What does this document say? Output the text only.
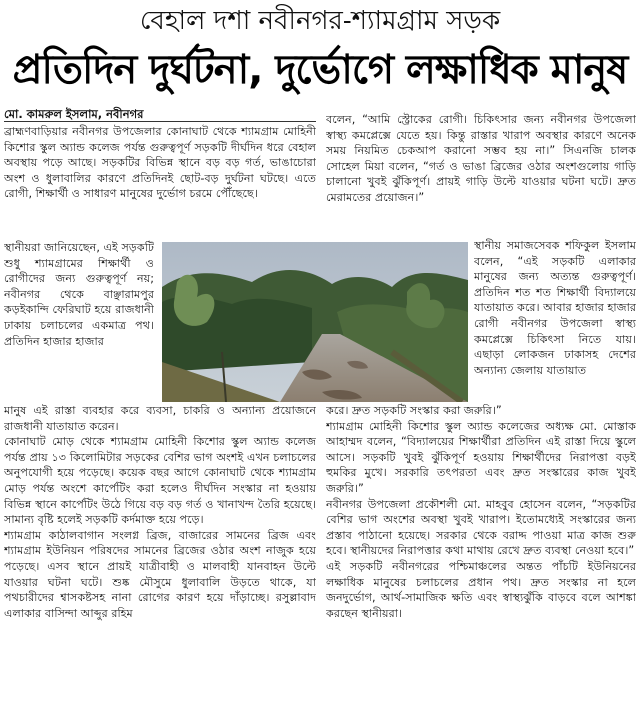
বেহাল দশা নবীনগর-শ্যামগ্রাম সড়ক
প্রতিদিন দুর্ঘটনা, দুর্ভোগে লক্ষাধিক মানুষ
মো. কামরুল ইসলাম, নবীনগর

ব্রাহ্মণবাড়িয়ার নবীনগর উপজেলার কোনাঘাট থেকে শ্যামগ্রাম মোহিনী কিশোর স্কুল অ্যান্ড কলেজ পর্যন্ত গুরুত্বপূর্ণ সড়কটি দীর্ঘদিন ধরে বেহাল অবস্থায় পড়ে আছে। সড়কটির বিভিন্ন স্থানে বড় বড় গর্ত, ভাঙাচোরা অংশ ও ধুলাবালির কারণে প্রতিদিনই ছোট-বড় দুর্ঘটনা ঘটছে। এতে রোগী, শিক্ষার্থী ও সাধারণ মানুষের দুর্ভোগ চরমে পৌঁছেছে।

স্থানীয়রা জানিয়েছেন, এই সড়কটি শুধু শ্যামগ্রামের শিক্ষার্থী ও রোগীদের জন্য গুরুত্বপূর্ণ নয়; নবীনগর থেকে বাঞ্ছারামপুর কড়ইকান্দি ফেরিঘাট হয়ে রাজধানী ঢাকায় চলাচলের একমাত্র পথ। প্রতিদিন হাজার হাজার

মানুষ এই রাস্তা ব্যবহার করে ব্যবসা, চাকরি ও অন্যান্য প্রয়োজনে রাজধানী যাতায়াত করেন।

কোনাঘাট মোড় থেকে শ্যামগ্রাম মোহিনী কিশোর স্কুল অ্যান্ড কলেজ পর্যন্ত প্রায় ১৩ কিলোমিটার সড়কের বেশির ভাগ অংশই এখন চলাচলের অনুপযোগী হয়ে পড়েছে। কয়েক বছর আগে কোনাঘাট থেকে শ্যামগ্রাম মোড় পর্যন্ত অংশে কার্পেটিং করা হলেও দীর্ঘদিন সংস্কার না হওয়ায় বিভিন্ন স্থানে কার্পেটিং উঠে গিয়ে বড় বড় গর্ত ও খানাখন্দ তৈরি হয়েছে। সামান্য বৃষ্টি হলেই সড়কটি কর্দমাক্ত হয়ে পড়ে।

শ্যামগ্রাম কাঠালবাগান সংলগ্ন ব্রিজ, বাজারের সামনের ব্রিজ এবং শ্যামগ্রাম ইউনিয়ন পরিষদের সামনের ব্রিজের ওঠার অংশ নাজুক হয়ে পড়েছে। এসব স্থানে প্রায়ই যাত্রীবাহী ও মালবাহী যানবাহন উল্টে যাওয়ার ঘটনা ঘটে। শুষ্ক মৌসুমে ধুলাবালি উড়তে থাকে, যা পথচারীদের শ্বাসকষ্টসহ নানা রোগের কারণ হয়ে দাঁড়াচ্ছে। রসুল্লাবাদ এলাকার বাসিন্দা আব্দুর রহিম

বলেন, “আমি স্ট্রোকের রোগী। চিকিৎসার জন্য নবীনগর উপজেলা স্বাস্থ্য কমপ্লেক্সে যেতে হয়। কিন্তু রাস্তার খারাপ অবস্থার কারণে অনেক সময় নিয়মিত চেকআপ করানো সম্ভব হয় না।” সিএনজি চালক সোহেল মিয়া বলেন, “গর্ত ও ভাঙা ব্রিজের ওঠার অংশগুলোয় গাড়ি চালানো খুবই ঝুঁকিপূর্ণ। প্রায়ই গাড়ি উল্টে যাওয়ার ঘটনা ঘটে। দ্রুত মেরামতের প্রয়োজন।”

স্থানীয় সমাজসেবক শফিকুল ইসলাম বলেন, “এই সড়কটি এলাকার মানুষের জন্য অত্যন্ত গুরুত্বপূর্ণ। প্রতিদিন শত শত শিক্ষার্থী বিদ্যালয়ে যাতায়াত করে। আবার হাজার হাজার রোগী নবীনগর উপজেলা স্বাস্থ্য কমপ্লেক্সে চিকিৎসা নিতে যায়। এছাড়া লোকজন ঢাকাসহ দেশের অন্যান্য জেলায় যাতায়াত

করে। দ্রুত সড়কটি সংস্কার করা জরুরি।”

শ্যামগ্রাম মোহিনী কিশোর স্কুল অ্যান্ড কলেজের অধ্যক্ষ মো. মোস্তাক আহাম্মদ বলেন, “বিদ্যালয়ের শিক্ষার্থীরা প্রতিদিন এই রাস্তা দিয়ে স্কুলে আসে। সড়কটি খুবই ঝুঁকিপূর্ণ হওয়ায় শিক্ষার্থীদের নিরাপত্তা বড়ই হুমকির মুখে। সরকারি তৎপরতা এবং দ্রুত সংস্কারের কাজ খুবই জরুরি।”

নবীনগর উপজেলা প্রকৌশলী মো. মাহবুব হোসেন বলেন, “সড়কটির বেশির ভাগ অংশের অবস্থা খুবই খারাপ। ইতোমধ্যেই সংস্কারের জন্য প্রস্তাব পাঠানো হয়েছে। সরকার থেকে বরাদ্দ পাওয়া মাত্র কাজ শুরু হবে। স্থানীয়দের নিরাপত্তার কথা মাথায় রেখে দ্রুত ব্যবস্থা নেওয়া হবে।”

এই সড়কটি নবীনগরের পশ্চিমাঞ্চলের অন্তত পাঁচটি ইউনিয়নের লক্ষাধিক মানুষের চলাচলের প্রধান পথ। দ্রুত সংস্কার না হলে জনদুর্ভোগ, আর্থ-সামাজিক ক্ষতি এবং স্বাস্থ্যঝুঁকি বাড়বে বলে আশঙ্কা করছেন স্থানীয়রা।
